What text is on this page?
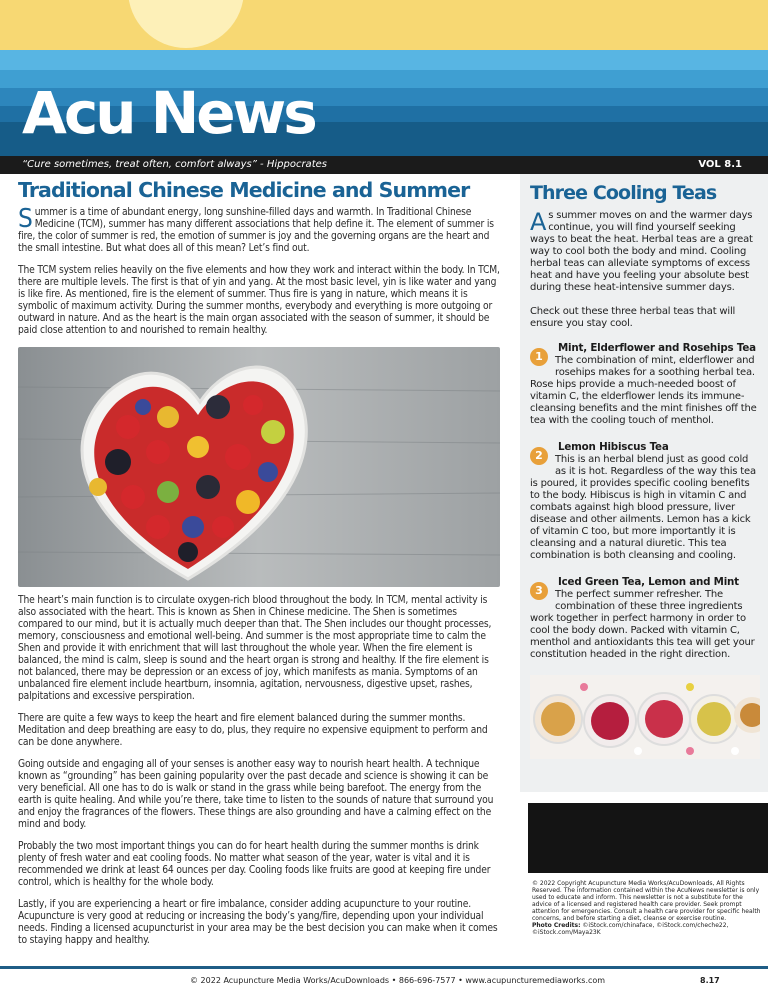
Acu News
“Cure sometimes, treat often, comfort always” - Hippocrates	VOL 8.1
Traditional Chinese Medicine and Summer

Summer is a time of abundant energy, long sunshine-filled days and warmth. In Traditional Chinese Medicine (TCM), summer has many different associations that help define it. The element of summer is fire, the color of summer is red, the emotion of summer is joy and the governing organs are the heart and the small intestine. But what does all of this mean? Let’s find out.

The TCM system relies heavily on the five elements and how they work and interact within the body. In TCM, there are multiple levels. The first is that of yin and yang. At the most basic level, yin is like water and yang is like fire. As mentioned, fire is the element of summer. Thus fire is yang in nature, which means it is symbolic of maximum activity. During the summer months, everybody and everything is more outgoing or outward in nature. And as the heart is the main organ associated with the season of summer, it should be paid close attention to and nourished to remain healthy.

The heart’s main function is to circulate oxygen-rich blood throughout the body. In TCM, mental activity is also associated with the heart. This is known as Shen in Chinese medicine. The Shen is sometimes compared to our mind, but it is actually much deeper than that. The Shen includes our thought processes, memory, consciousness and emotional well-being. And summer is the most appropriate time to calm the Shen and provide it with enrichment that will last throughout the whole year. When the fire element is balanced, the mind is calm, sleep is sound and the heart organ is strong and healthy. If the fire element is not balanced, there may be depression or an excess of joy, which manifests as mania. Symptoms of an unbalanced fire element include heartburn, insomnia, agitation, nervousness, digestive upset, rashes, palpitations and excessive perspiration.

There are quite a few ways to keep the heart and fire element balanced during the summer months. Meditation and deep breathing are easy to do, plus, they require no expensive equipment to perform and can be done anywhere.

Going outside and engaging all of your senses is another easy way to nourish heart health. A technique known as “grounding” has been gaining popularity over the past decade and science is showing it can be very beneficial. All one has to do is walk or stand in the grass while being barefoot. The energy from the earth is quite healing. And while you’re there, take time to listen to the sounds of nature that surround you and enjoy the fragrances of the flowers. These things are also grounding and have a calming effect on the mind and body.

Probably the two most important things you can do for heart health during the summer months is drink plenty of fresh water and eat cooling foods. No matter what season of the year, water is vital and it is recommended we drink at least 64 ounces per day. Cooling foods like fruits are good at keeping fire under control, which is healthy for the whole body.

Lastly, if you are experiencing a heart or fire imbalance, consider adding acupuncture to your routine. Acupuncture is very good at reducing or increasing the body’s yang/fire, depending upon your individual needs. Finding a licensed acupuncturist in your area may be the best decision you can make when it comes to staying happy and healthy.

Three Cooling Teas

As summer moves on and the warmer days continue, you will find yourself seeking ways to beat the heat. Herbal teas are a great way to cool both the body and mind. Cooling herbal teas can alleviate symptoms of excess heat and have you feeling your absolute best during these heat-intensive summer days.

Check out these three herbal teas that will ensure you stay cool.

1
Mint, Elderflower and Rosehips Tea

The combination of mint, elderflower and rosehips makes for a soothing herbal tea. Rose hips provide a much-needed boost of vitamin C, the elderflower lends its immune-cleansing benefits and the mint finishes off the tea with the cooling touch of menthol.

2
Lemon Hibiscus Tea

This is an herbal blend just as good cold as it is hot. Regardless of the way this tea is poured, it provides specific cooling benefits to the body. Hibiscus is high in vitamin C and combats against high blood pressure, liver disease and other ailments. Lemon has a kick of vitamin C too, but more importantly it is cleansing and a natural diuretic. This tea combination is both cleansing and cooling.

3
Iced Green Tea, Lemon and Mint

The perfect summer refresher. The combination of these three ingredients work together in perfect harmony in order to cool the body down. Packed with vitamin C, menthol and antioxidants this tea will get your constitution headed in the right direction.

© 2022 Copyright Acupuncture Media Works/AcuDownloads, All Rights Reserved. The information contained within the AcuNews newsletter is only used to educate and inform. This newsletter is not a substitute for the advice of a licensed and registered health care provider. Seek prompt attention for emergencies. Consult a health care provider for specific health concerns, and before starting a diet, cleanse or exercise routine.
Photo Credits: ©iStock.com/chinaface, ©iStock.com/cheche22, ©iStock.com/Maya23K
© 2022 Acupuncture Media Works/AcuDownloads • 866-696-7577 • www.acupuncturemediaworks.com	8.17
